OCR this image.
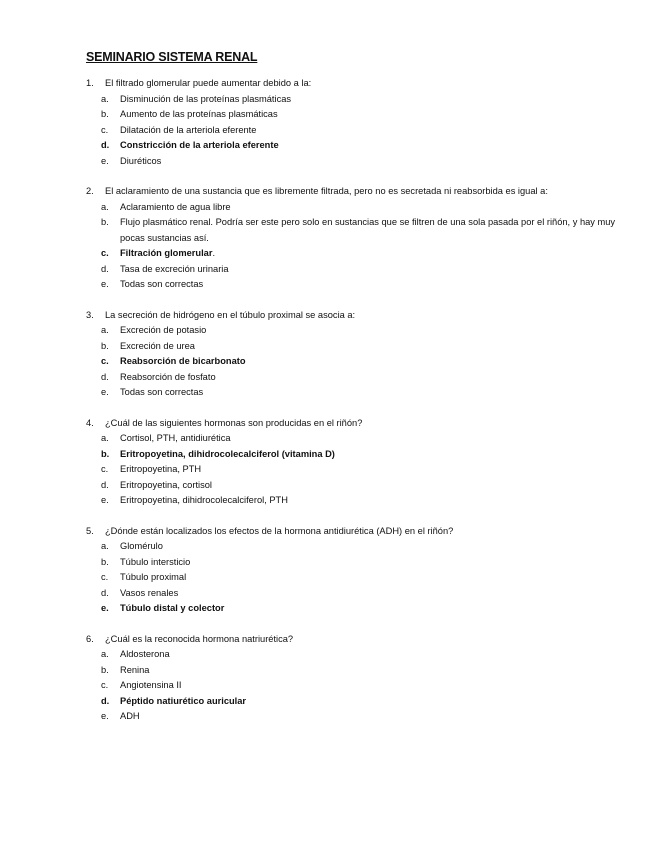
SEMINARIO SISTEMA RENAL
1.	El filtrado glomerular puede aumentar debido a la:
a.	Disminución de las proteínas plasmáticas
b.	Aumento de las proteínas plasmáticas
c.	Dilatación de la arteriola eferente
d.	Constricción de la arteriola eferente
e.	Diuréticos
2.	El aclaramiento de una sustancia que es libremente filtrada, pero no es secretada ni reabsorbida es igual a:
a.	Aclaramiento de agua libre
b.	Flujo plasmático renal. Podría ser este pero solo en sustancias que se filtren de una sola pasada por el riñón, y hay muy pocas sustancias así.
c.	Filtración glomerular.
d.	Tasa de excreción urinaria
e.	Todas son correctas
3.	La secreción de hidrógeno en el túbulo proximal se asocia a:
a.	Excreción de potasio
b.	Excreción de urea
c.	Reabsorción de bicarbonato
d.	Reabsorción de fosfato
e.	Todas son correctas
4.	¿Cuál de las siguientes hormonas son producidas en el riñón?
a.	Cortisol, PTH, antidiurética
b.	Eritropoyetina, dihidrocolecalciferol (vitamina D)
c.	Eritropoyetina, PTH
d.	Eritropoyetina, cortisol
e.	Eritropoyetina, dihidrocolecalciferol, PTH
5.	¿Dónde están localizados los efectos de la hormona antidiurética (ADH) en el riñón?
a.	Glomérulo
b.	Túbulo intersticio
c.	Túbulo proximal
d.	Vasos renales
e.	Túbulo distal y colector
6.	¿Cuál es la reconocida hormona natriurética?
a.	Aldosterona
b.	Renina
c.	Angiotensina II
d.	Péptido natiurético auricular
e.	ADH
